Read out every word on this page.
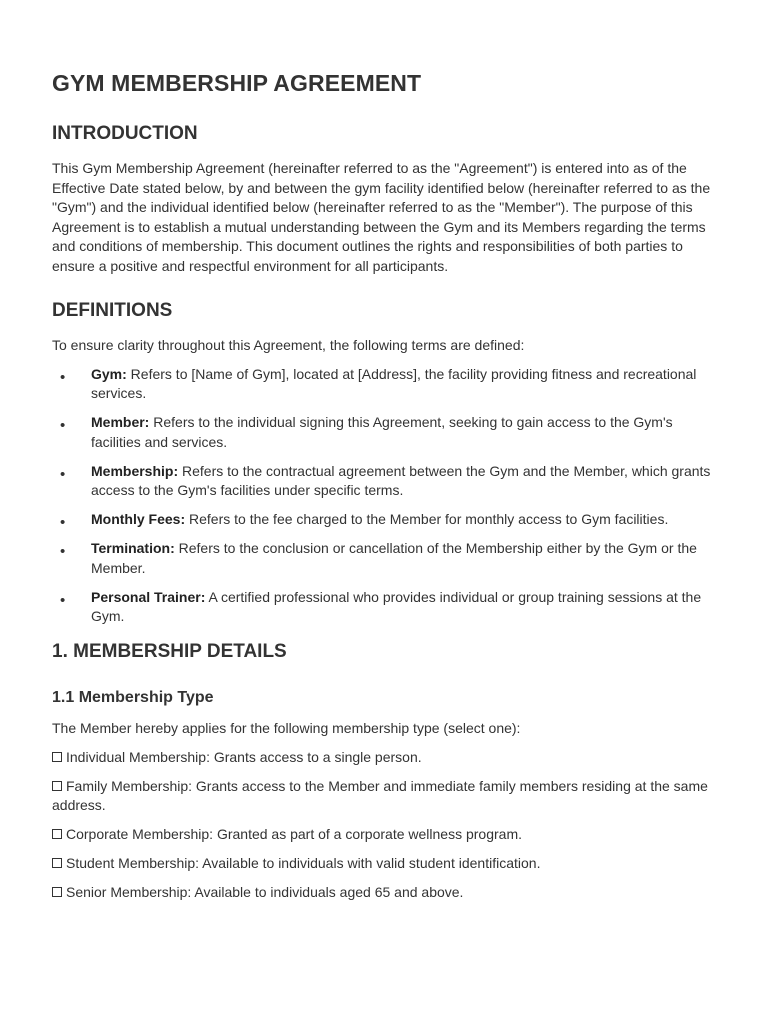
GYM MEMBERSHIP AGREEMENT
INTRODUCTION

This Gym Membership Agreement (hereinafter referred to as the "Agreement") is entered into as of the Effective Date stated below, by and between the gym facility identified below (hereinafter referred to as the "Gym") and the individual identified below (hereinafter referred to as the "Member"). The purpose of this Agreement is to establish a mutual understanding between the Gym and its Members regarding the terms and conditions of membership. This document outlines the rights and responsibilities of both parties to ensure a positive and respectful environment for all participants.

DEFINITIONS

To ensure clarity throughout this Agreement, the following terms are defined:

• Gym: Refers to [Name of Gym], located at [Address], the facility providing fitness and recreational services.
• Member: Refers to the individual signing this Agreement, seeking to gain access to the Gym's facilities and services.
• Membership: Refers to the contractual agreement between the Gym and the Member, which grants access to the Gym's facilities under specific terms.
• Monthly Fees: Refers to the fee charged to the Member for monthly access to Gym facilities.
• Termination: Refers to the conclusion or cancellation of the Membership either by the Gym or the Member.
• Personal Trainer: A certified professional who provides individual or group training sessions at the Gym.
1. MEMBERSHIP DETAILS
1.1 Membership Type

The Member hereby applies for the following membership type (select one):

Individual Membership: Grants access to a single person.
Family Membership: Grants access to the Member and immediate family members residing at the same address.
Corporate Membership: Granted as part of a corporate wellness program.
Student Membership: Available to individuals with valid student identification.
Senior Membership: Available to individuals aged 65 and above.
